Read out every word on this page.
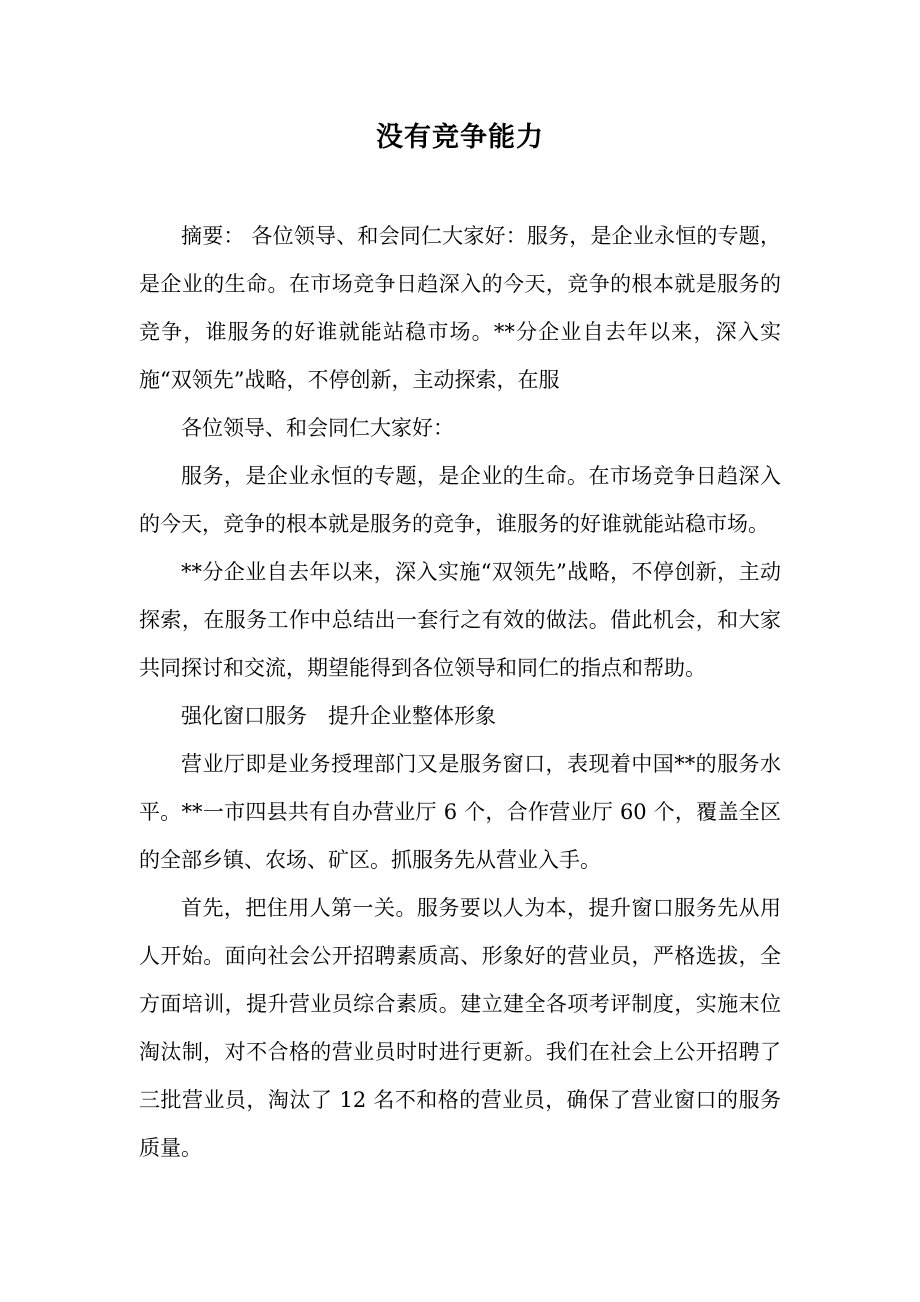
没有竞争能力

摘要： 各位领导、和会同仁大家好：服务，是企业永恒的专题，是企业的生命。在市场竞争日趋深入的今天，竞争的根本就是服务的竞争，谁服务的好谁就能站稳市场。**分企业自去年以来，深入实施“双领先”战略，不停创新，主动探索，在服

各位领导、和会同仁大家好：

服务，是企业永恒的专题，是企业的生命。在市场竞争日趋深入的今天，竞争的根本就是服务的竞争，谁服务的好谁就能站稳市场。

**分企业自去年以来，深入实施“双领先”战略，不停创新，主动探索，在服务工作中总结出一套行之有效的做法。借此机会，和大家共同探讨和交流，期望能得到各位领导和同仁的指点和帮助。

强化窗口服务　提升企业整体形象

营业厅即是业务授理部门又是服务窗口，表现着中国**的服务水平。**一市四县共有自办营业厅 6 个，合作营业厅 60 个，覆盖全区的全部乡镇、农场、矿区。抓服务先从营业入手。

首先，把住用人第一关。服务要以人为本，提升窗口服务先从用人开始。面向社会公开招聘素质高、形象好的营业员，严格选拔，全方面培训，提升营业员综合素质。建立建全各项考评制度，实施末位淘汰制，对不合格的营业员时时进行更新。我们在社会上公开招聘了三批营业员，淘汰了 12 名不和格的营业员，确保了营业窗口的服务质量。
